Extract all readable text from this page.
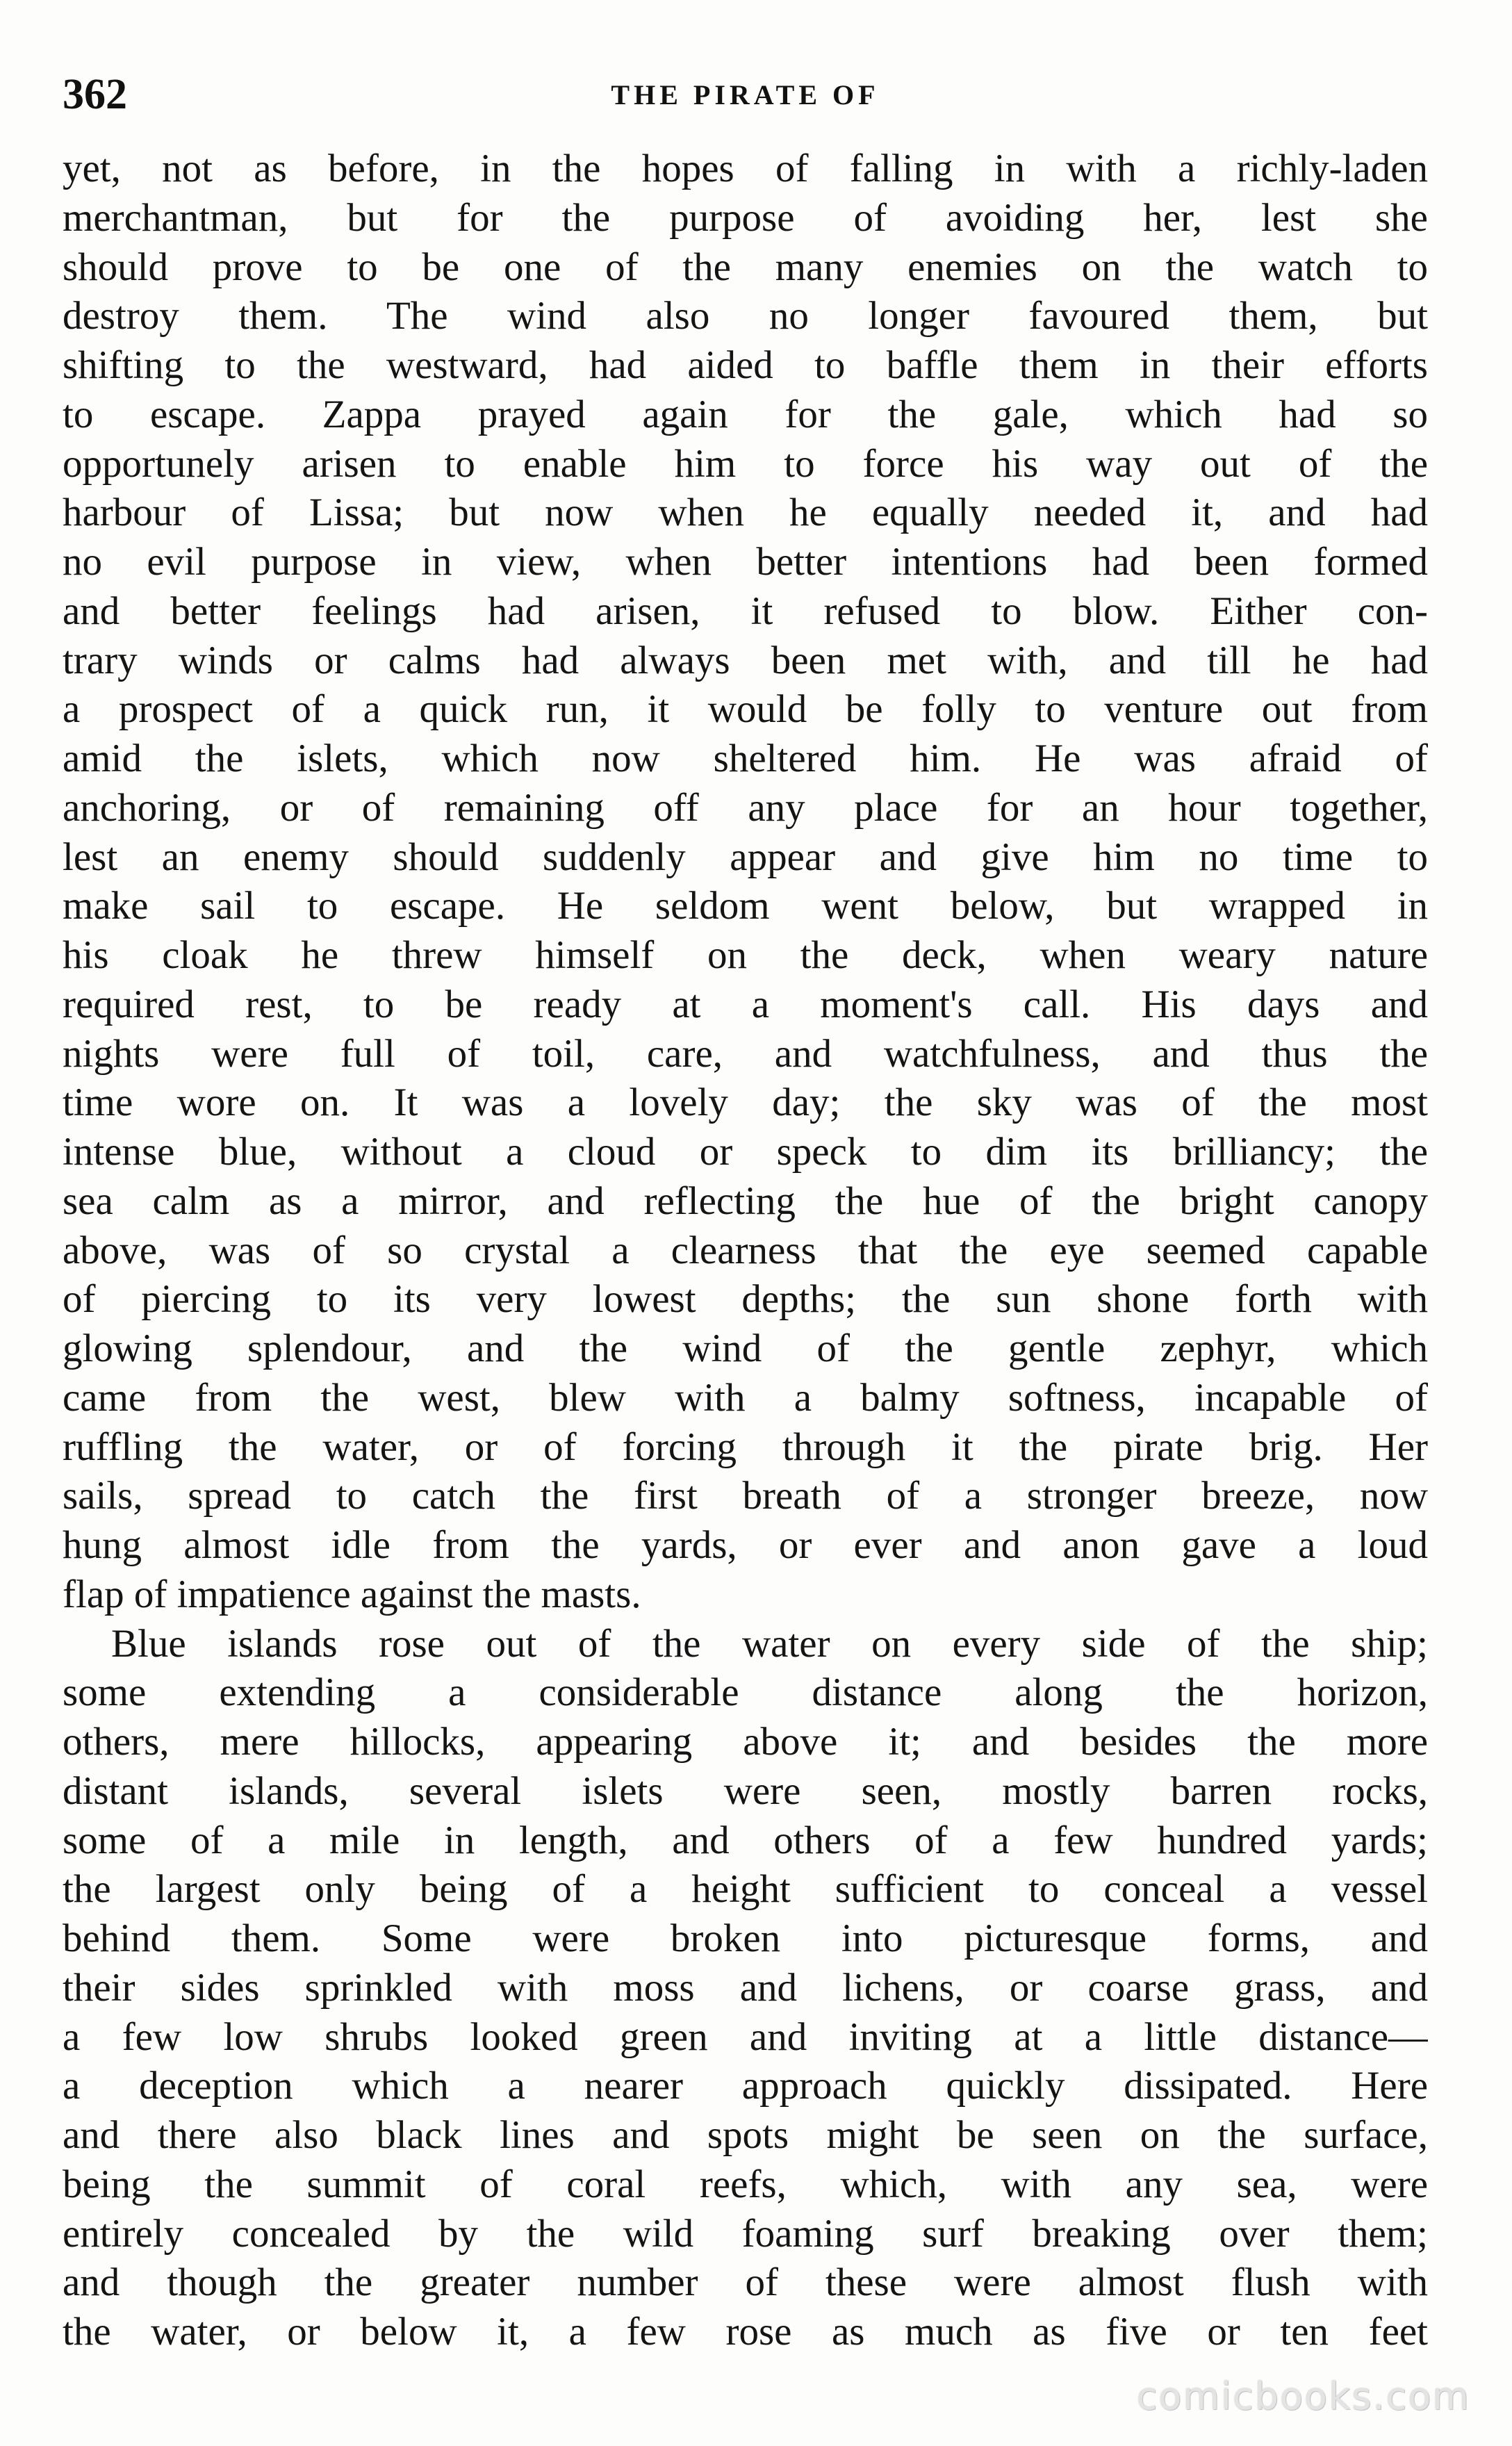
362	THE PIRATE OF
yet, not as before, in the hopes of falling in with a richly-laden
merchantman, but for the purpose of avoiding her, lest she
should prove to be one of the many enemies on the watch to
destroy them. The wind also no longer favoured them, but
shifting to the westward, had aided to baffle them in their efforts
to escape. Zappa prayed again for the gale, which had so
opportunely arisen to enable him to force his way out of the
harbour of Lissa; but now when he equally needed it, and had
no evil purpose in view, when better intentions had been formed
and better feelings had arisen, it refused to blow. Either con-
trary winds or calms had always been met with, and till he had
a prospect of a quick run, it would be folly to venture out from
amid the islets, which now sheltered him. He was afraid of
anchoring, or of remaining off any place for an hour together,
lest an enemy should suddenly appear and give him no time to
make sail to escape. He seldom went below, but wrapped in
his cloak he threw himself on the deck, when weary nature
required rest, to be ready at a moment's call. His days and
nights were full of toil, care, and watchfulness, and thus the
time wore on. It was a lovely day; the sky was of the most
intense blue, without a cloud or speck to dim its brilliancy; the
sea calm as a mirror, and reflecting the hue of the bright canopy
above, was of so crystal a clearness that the eye seemed capable
of piercing to its very lowest depths; the sun shone forth with
glowing splendour, and the wind of the gentle zephyr, which
came from the west, blew with a balmy softness, incapable of
ruffling the water, or of forcing through it the pirate brig. Her
sails, spread to catch the first breath of a stronger breeze, now
hung almost idle from the yards, or ever and anon gave a loud
flap of impatience against the masts.
Blue islands rose out of the water on every side of the ship;
some extending a considerable distance along the horizon,
others, mere hillocks, appearing above it; and besides the more
distant islands, several islets were seen, mostly barren rocks,
some of a mile in length, and others of a few hundred yards;
the largest only being of a height sufficient to conceal a vessel
behind them. Some were broken into picturesque forms, and
their sides sprinkled with moss and lichens, or coarse grass, and
a few low shrubs looked green and inviting at a little distance—
a deception which a nearer approach quickly dissipated. Here
and there also black lines and spots might be seen on the surface,
being the summit of coral reefs, which, with any sea, were
entirely concealed by the wild foaming surf breaking over them;
and though the greater number of these were almost flush with
the water, or below it, a few rose as much as five or ten feet
comicbooks.com
